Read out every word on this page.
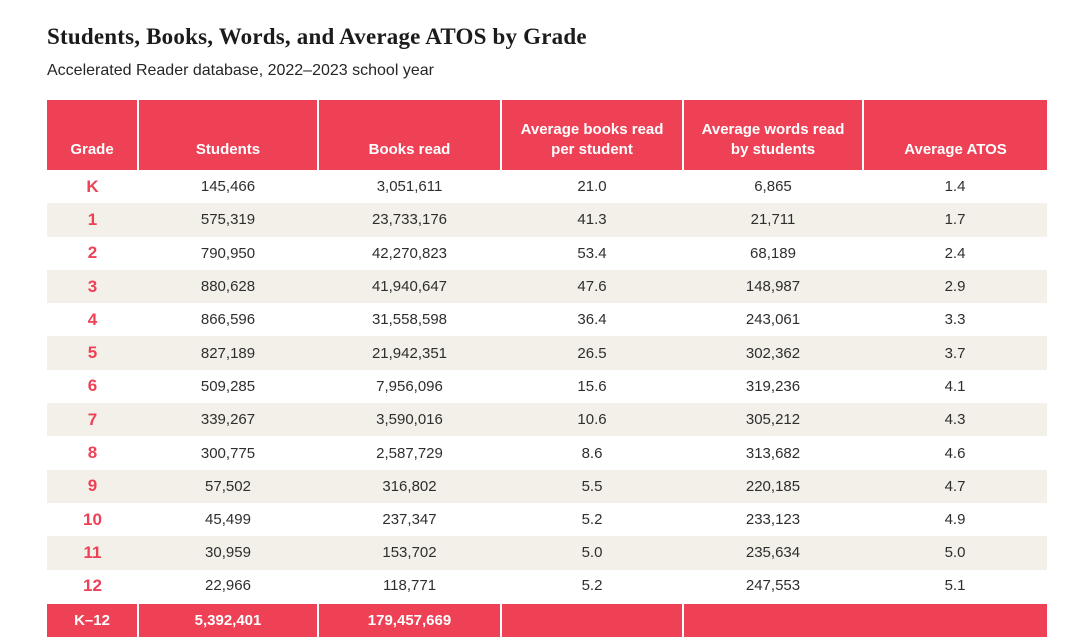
Students, Books, Words, and Average ATOS by Grade

Accelerated Reader database, 2022–2023 school year

Grade	Students	Books read	Average books read per student	Average words read by students	Average ATOS
K	145,466	3,051,611	21.0	6,865	1.4
1	575,319	23,733,176	41.3	21,711	1.7
2	790,950	42,270,823	53.4	68,189	2.4
3	880,628	41,940,647	47.6	148,987	2.9
4	866,596	31,558,598	36.4	243,061	3.3
5	827,189	21,942,351	26.5	302,362	3.7
6	509,285	7,956,096	15.6	319,236	4.1
7	339,267	3,590,016	10.6	305,212	4.3
8	300,775	2,587,729	8.6	313,682	4.6
9	57,502	316,802	5.5	220,185	4.7
10	45,499	237,347	5.2	233,123	4.9
11	30,959	153,702	5.0	235,634	5.0
12	22,966	118,771	5.2	247,553	5.1
K–12	5,392,401	179,457,669			
